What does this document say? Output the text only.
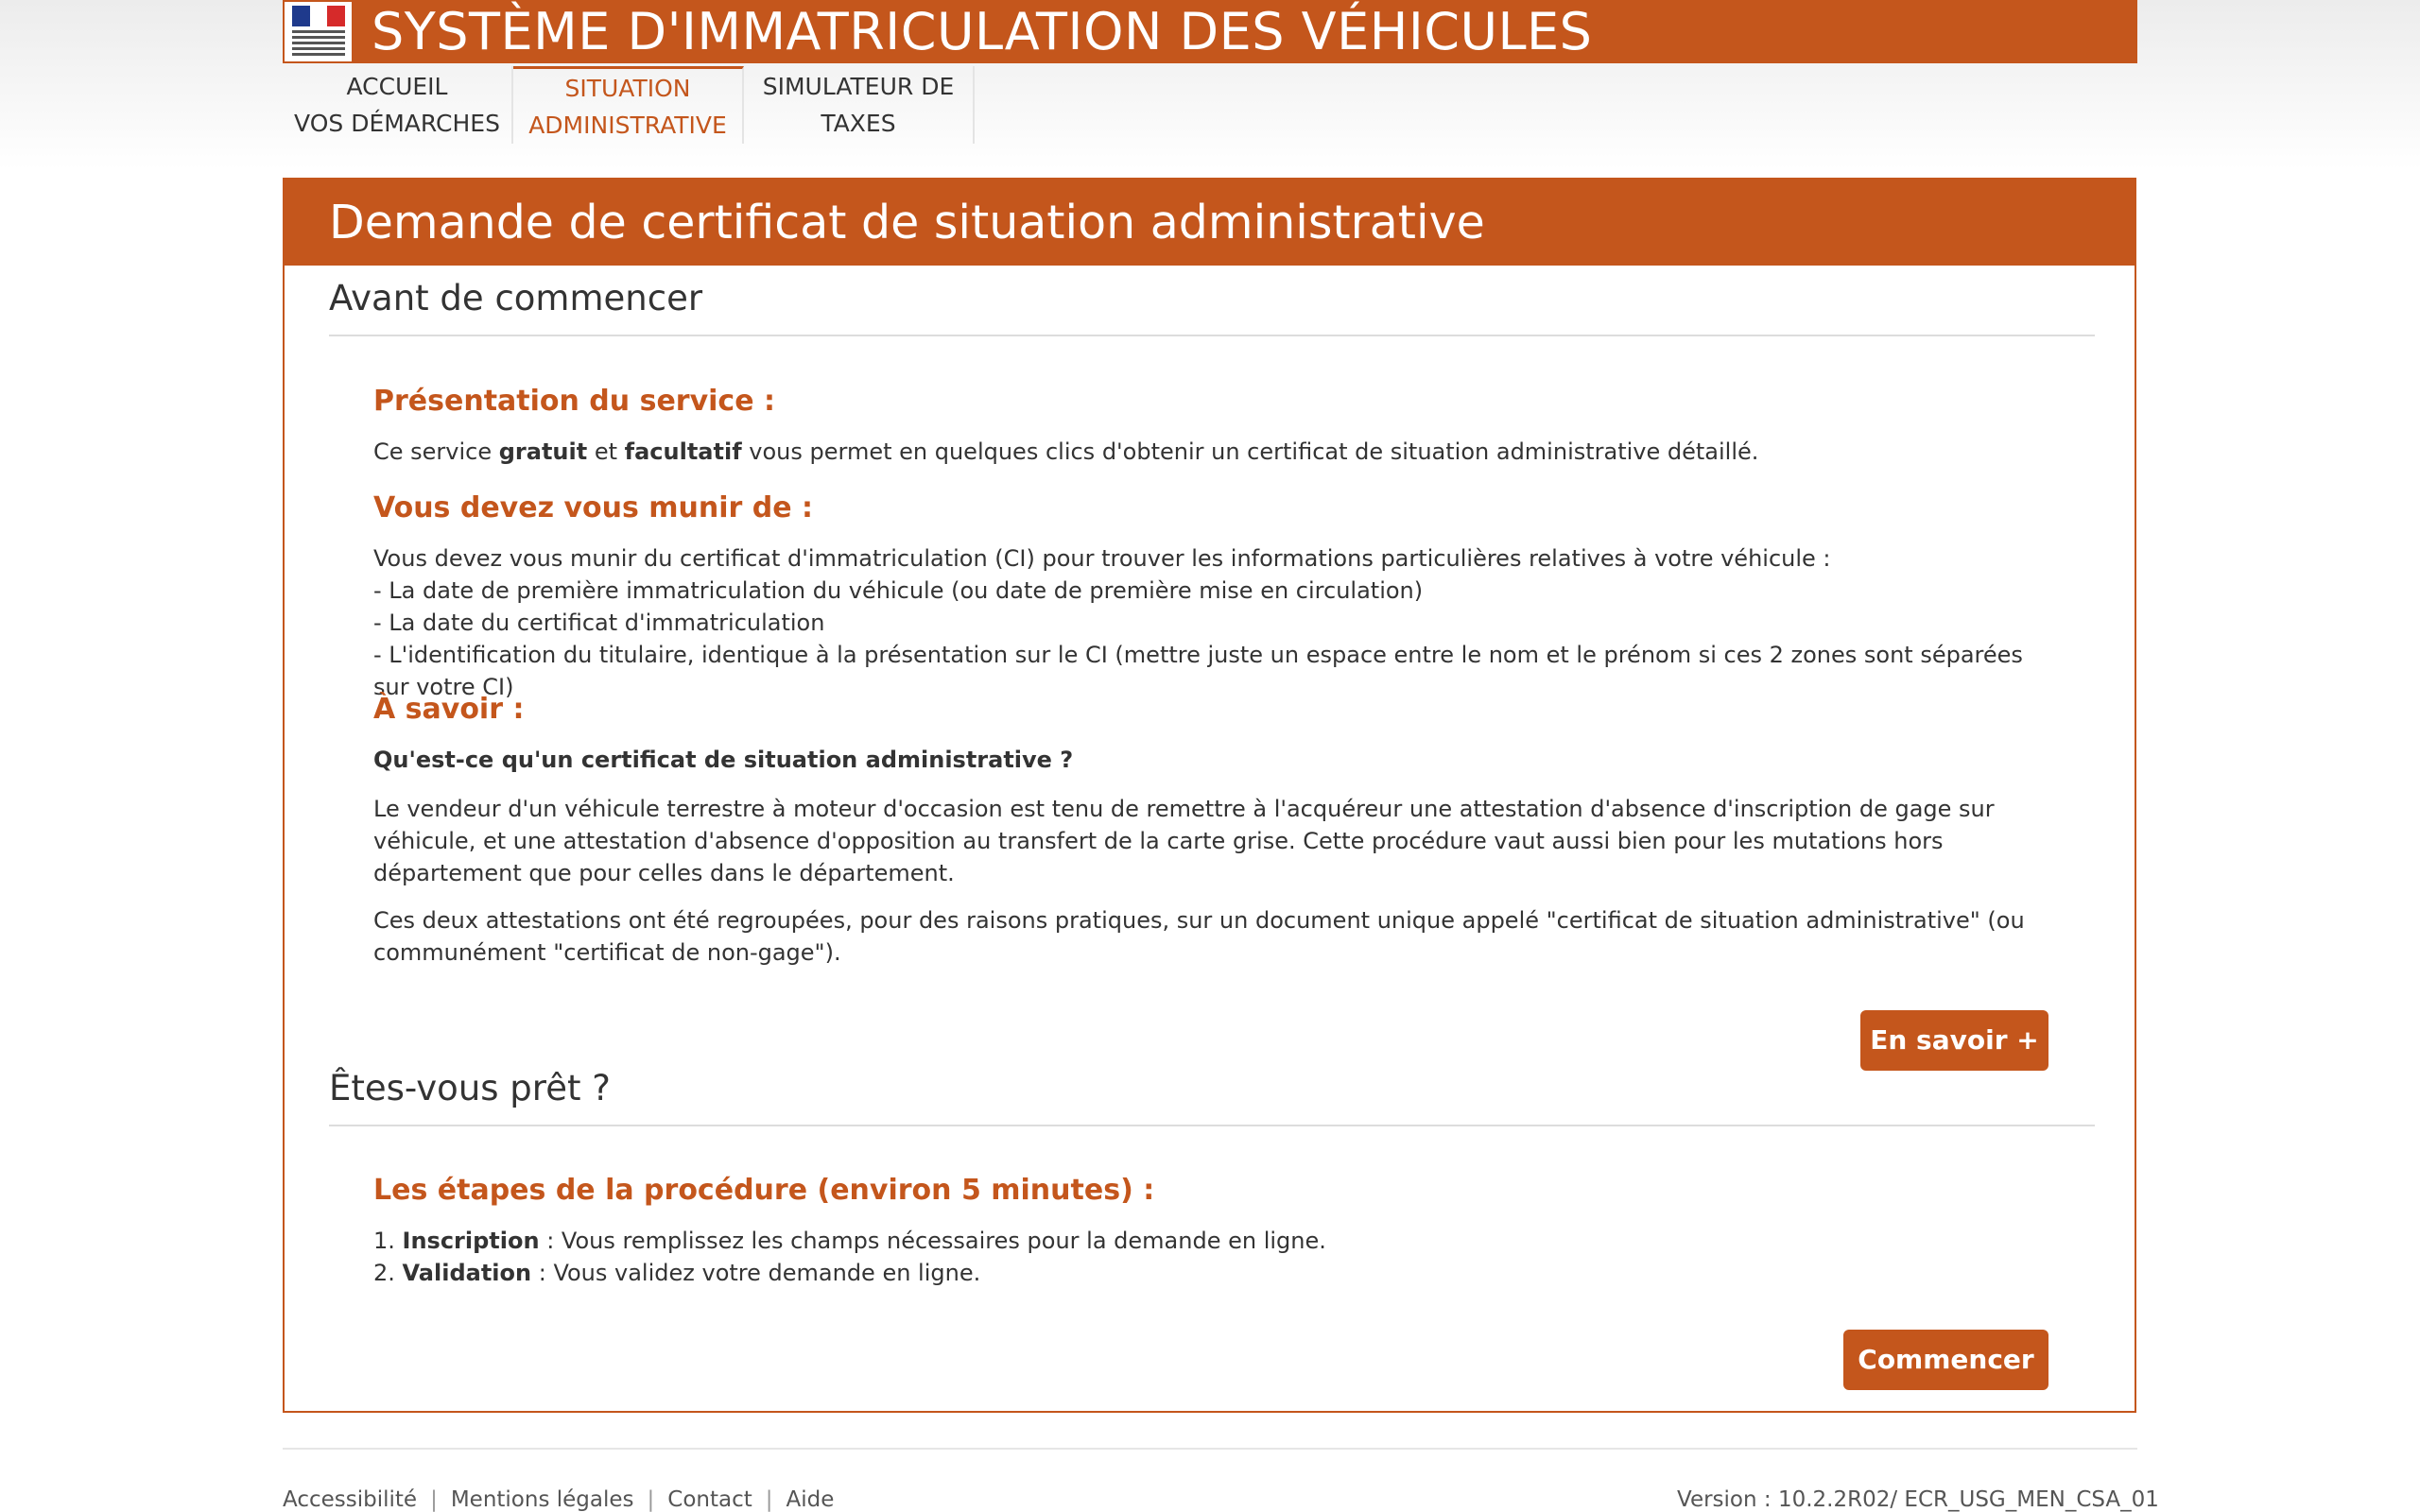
SYSTÈME D'IMMATRICULATION DES VÉHICULES
ACCUEIL
VOS DÉMARCHES
SITUATION
ADMINISTRATIVE
SIMULATEUR DE
TAXES
Demande de certificat de situation administrative
Avant de commencer
Présentation du service :
Ce service gratuit et facultatif vous permet en quelques clics d'obtenir un certificat de situation administrative détaillé.
Vous devez vous munir de :
Vous devez vous munir du certificat d'immatriculation (CI) pour trouver les informations particulières relatives à votre véhicule :
- La date de première immatriculation du véhicule (ou date de première mise en circulation)
- La date du certificat d'immatriculation
- L'identification du titulaire, identique à la présentation sur le CI (mettre juste un espace entre le nom et le prénom si ces 2 zones sont séparées sur votre CI)
À savoir :
Qu'est-ce qu'un certificat de situation administrative ?
Le vendeur d'un véhicule terrestre à moteur d'occasion est tenu de remettre à l'acquéreur une attestation d'absence d'inscription de gage sur véhicule, et une attestation d'absence d'opposition au transfert de la carte grise. Cette procédure vaut aussi bien pour les mutations hors département que pour celles dans le département.
Ces deux attestations ont été regroupées, pour des raisons pratiques, sur un document unique appelé "certificat de situation administrative" (ou communément "certificat de non-gage").
En savoir +
Êtes-vous prêt ?
Les étapes de la procédure (environ 5 minutes) :
1. Inscription : Vous remplissez les champs nécessaires pour la demande en ligne.
2. Validation : Vous validez votre demande en ligne.
Commencer
Accessibilité | Mentions légales | Contact | Aide	Version : 10.2.2R02/ ECR_USG_MEN_CSA_01
